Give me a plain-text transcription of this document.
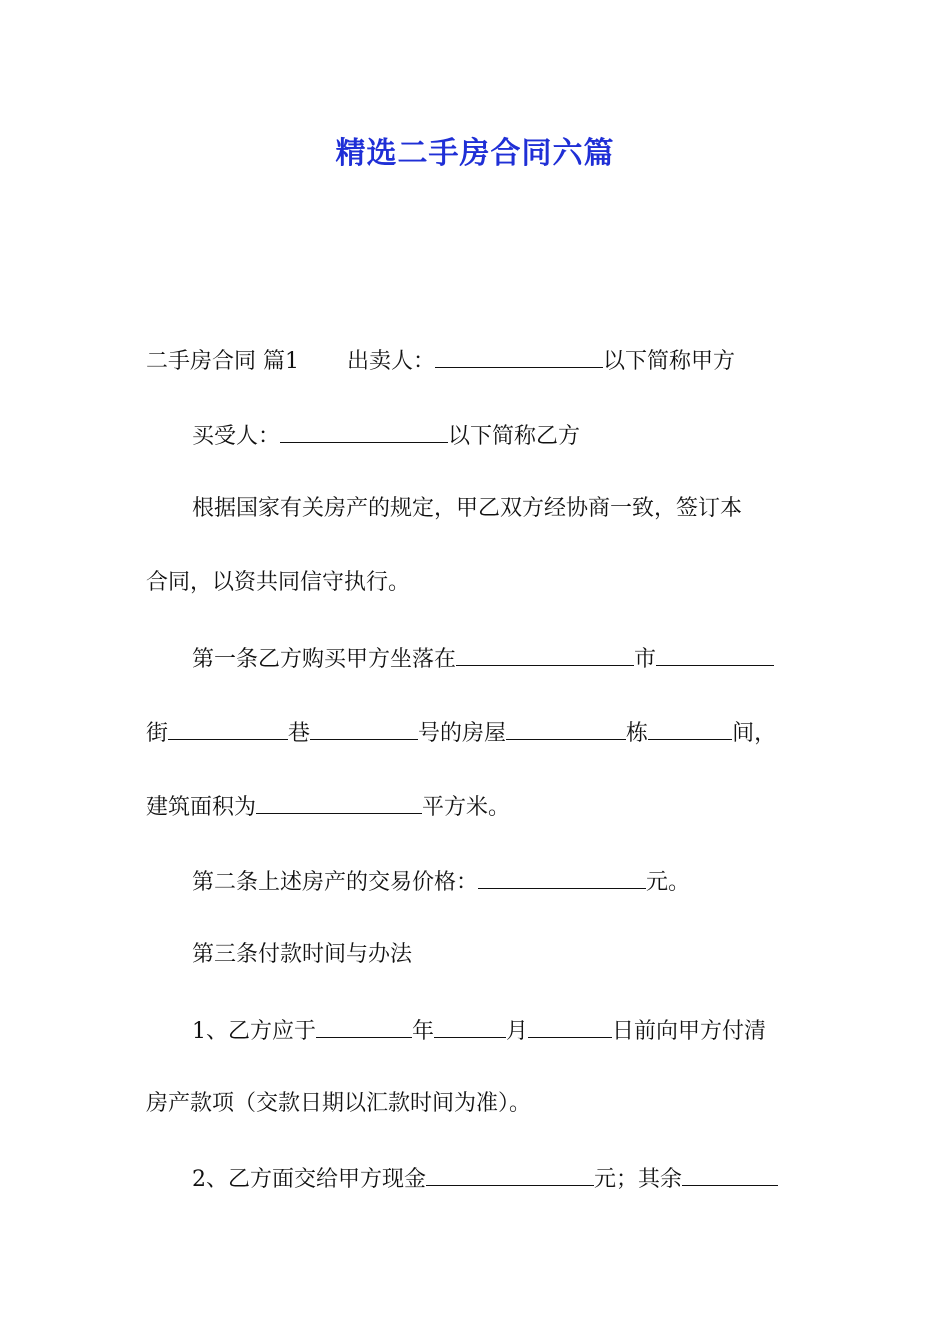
精选二手房合同六篇
二手房合同 篇1 出卖人：	以下简称甲方
买受人：	以下简称乙方
根据国家有关房产的规定，甲乙双方经协商一致，签订本
合同，以资共同信守执行。
第一条乙方购买甲方坐落在	市
街	巷	号的房屋	栋	间，
建筑面积为	平方米。
第二条上述房产的交易价格：	元。
第三条付款时间与办法
1、乙方应于	年	月	日前向甲方付清
房产款项（交款日期以汇款时间为准）。
2、乙方面交给甲方现金	元；其余
